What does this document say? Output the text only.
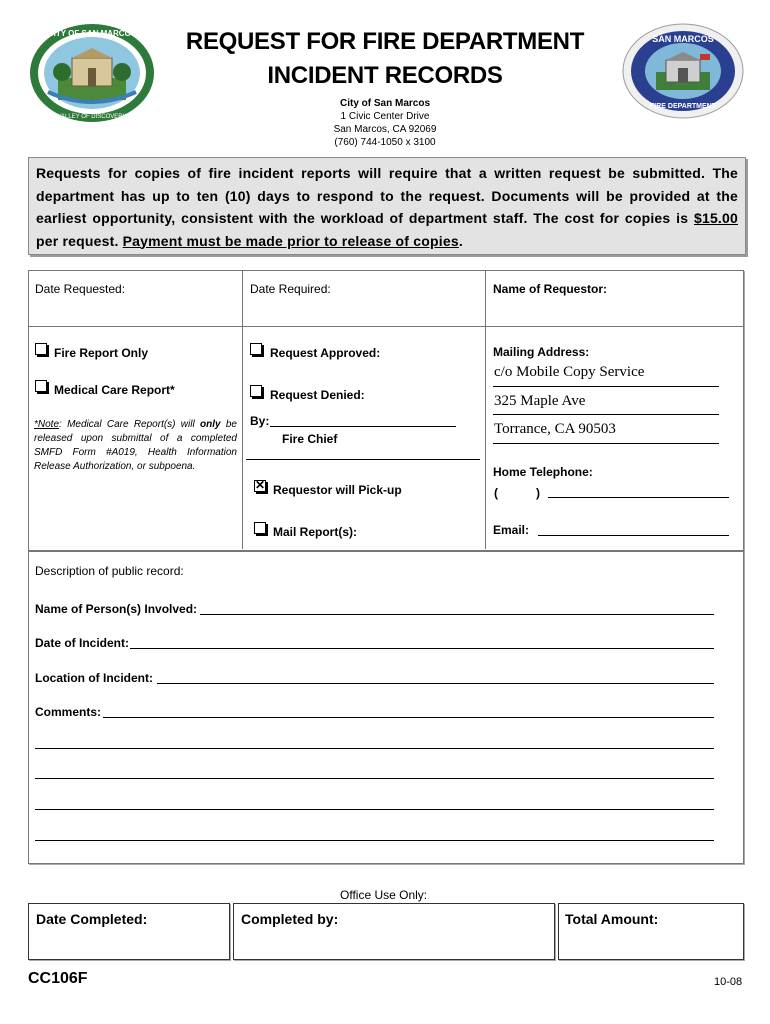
CITY OF SAN MARCOS
VALLEY OF DISCOVERY
SAN MARCOS
FIRE DEPARTMENT
REQUEST FOR FIRE DEPARTMENT
INCIDENT RECORDS
City of San Marcos
1 Civic Center Drive
San Marcos, CA 92069
(760) 744-1050 x 3100

Requests for copies of fire incident reports will require that a written request be submitted. The department has up to ten (10) days to respond to the request. Documents will be provided at the earliest opportunity, consistent with the workload of department staff. The cost for copies is $15.00 per request. Payment must be made prior to release of copies.

Date Requested:	Date Required:	Name of Requestor:
Fire Report Only
Medical Care Report*
*Note: Medical Care Report(s) will only be released upon submittal of a completed SMFD Form #A019, Health Information Release Authorization, or subpoena.
Request Approved:
Request Denied:
By:
Fire Chief
✕
Requestor will Pick-up
Mail Report(s):
Mailing Address:
c/o Mobile Copy Service
325 Maple Ave
Torrance, CA 90503
Home Telephone:
(	)
Email:
Description of public record:
Name of Person(s) Involved:
Date of Incident:
Location of Incident:
Comments:
Office Use Only:
Date Completed:	Completed by:	Total Amount:
CC106F	10-08
